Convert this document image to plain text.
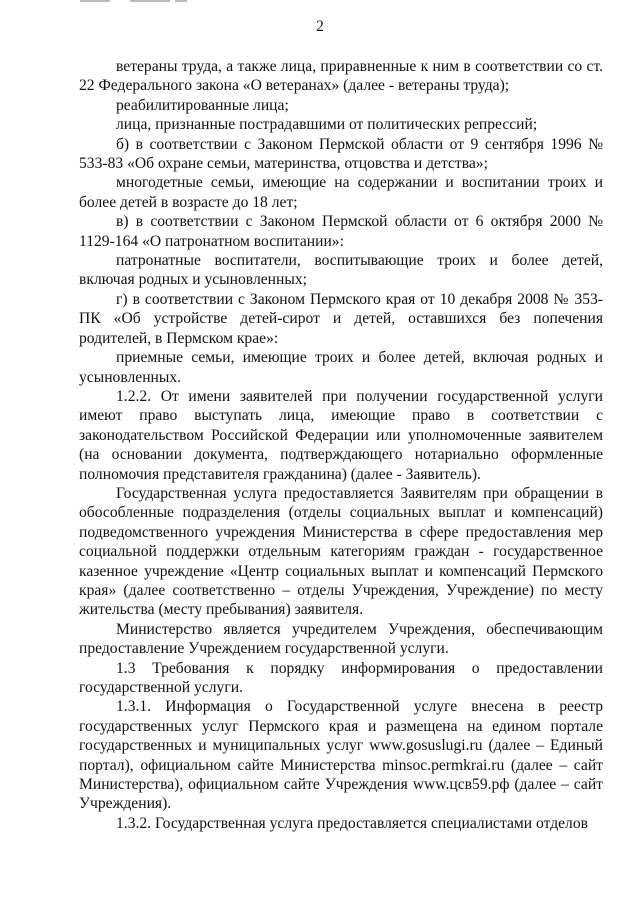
2

ветераны труда, а также лица, приравненные к ним в соответствии со ст. 22 Федерального закона «О ветеранах» (далее - ветераны труда);

реабилитированные лица;

лица, признанные пострадавшими от политических репрессий;

б) в соответствии с Законом Пермской области от 9 сентября 1996 № 533-83 «Об охране семьи, материнства, отцовства и детства»;

многодетные семьи, имеющие на содержании и воспитании троих и более детей в возрасте до 18 лет;

в) в соответствии с Законом Пермской области от 6 октября 2000 № 1129-164 «О патронатном воспитании»:

патронатные воспитатели, воспитывающие троих и более детей, включая родных и усыновленных;

г) в соответствии с Законом Пермского края от 10 декабря 2008 № 353-ПК «Об устройстве детей-сирот и детей, оставшихся без попечения родителей, в Пермском крае»:

приемные семьи, имеющие троих и более детей, включая родных и усыновленных.

1.2.2. От имени заявителей при получении государственной услуги имеют право выступать лица, имеющие право в соответствии с законодательством Российской Федерации или уполномоченные заявителем (на основании документа, подтверждающего нотариально оформленные полномочия представителя гражданина) (далее - Заявитель).

Государственная услуга предоставляется Заявителям при обращении в обособленные подразделения (отделы социальных выплат и компенсаций) подведомственного учреждения Министерства в сфере предоставления мер социальной поддержки отдельным категориям граждан - государственное казенное учреждение «Центр социальных выплат и компенсаций Пермского края» (далее соответственно – отделы Учреждения, Учреждение) по месту жительства (месту пребывания) заявителя.

Министерство является учредителем Учреждения, обеспечивающим предоставление Учреждением государственной услуги.

1.3 Требования к порядку информирования о предоставлении государственной услуги.

1.3.1. Информация о Государственной услуге внесена в реестр государственных услуг Пермского края и размещена на едином портале государственных и муниципальных услуг www.gosuslugi.ru (далее – Единый портал), официальном сайте Министерства minsoc.permkrai.ru (далее – сайт Министерства), официальном сайте Учреждения www.цсв59.рф (далее – сайт Учреждения).

1.3.2. Государственная услуга предоставляется специалистами отделов
